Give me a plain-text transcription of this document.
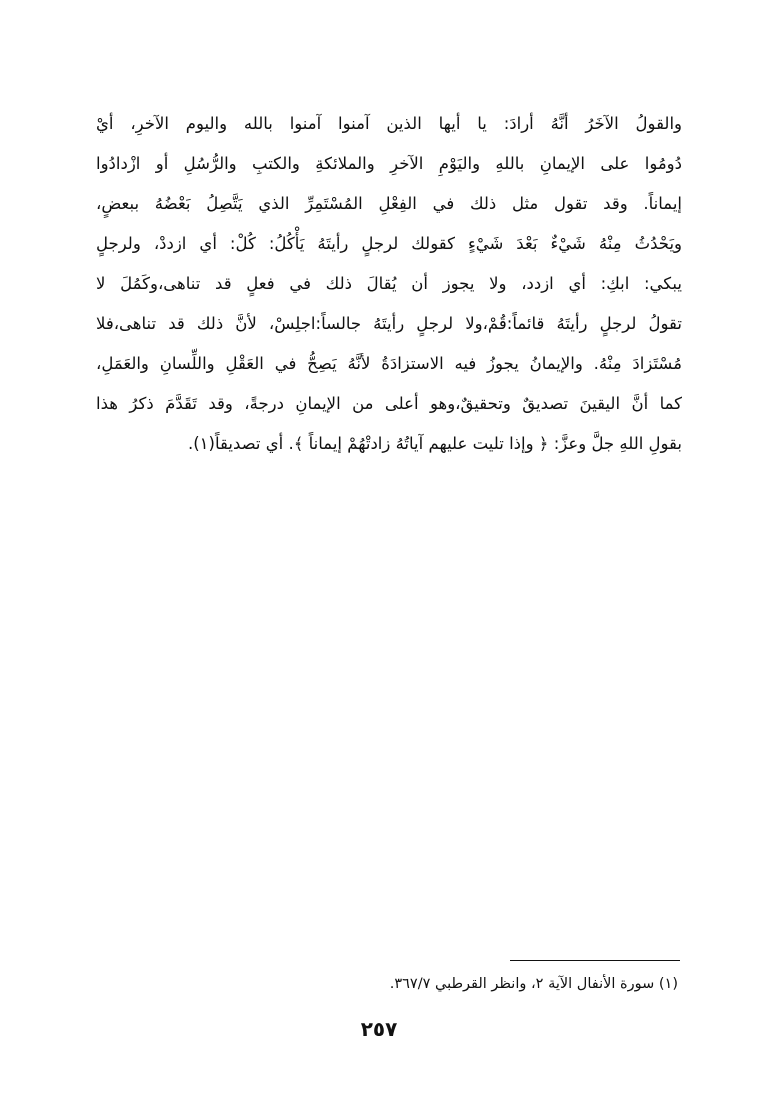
والقولُ الآخَرُ أنَّهُ أرادَ: يا أيها الذين آمنوا آمنوا بالله واليوم الآخرِ، أيْ
دُومُوا على الإيمانِ باللهِ واليَوْمِ الآخرِ والملائكةِ والكتبِ والرُّسُلِ أو ازْدادُوا
إيماناً. وقد تقول مثل ذلك في الفِعْلِ المُسْتَمِرِّ الذي يَتَّصِلُ بَعْضُهُ ببعضٍ،
ويَحْدُثُ مِنْهُ شَيْءٌ بَعْدَ شَيْءٍ كقولك لرجلٍ رأيتَهُ يَأْكُلُ: كُلْ: أي ازددْ، ولرجلٍ
يبكي: ابكِ: أي ازدد، ولا يجوز أن يُقالَ ذلك في فعلٍ قد تناهى،وكَمُلَ لا
تقولُ لرجلٍ رأيتَهُ قائماً:قُمْ،ولا لرجلٍ رأيتَهُ جالساً:اجلِسْ، لأنَّ ذلك قد تناهى،فلا
مُسْتَزادَ مِنْهُ. والإيمانُ يجوزُ فيه الاستزادَةُ لأنَّهُ يَصِحُّ في العَقْلِ واللِّسانِ والعَمَلِ،
كما أنَّ اليقينَ تصديقٌ وتحقيقٌ،وهو أعلى من الإيمانِ درجةً، وقد تَقَدَّمَ ذكرُ هذا
بقولِ اللهِ جلَّ وعزَّ: ﴿ وإذا تليت عليهم آياتُهُ زادتْهُمْ إيماناً ﴾. أي تصديقاً(١).
(١) سورة الأنفال الآية ٢، وانظر القرطبي ٣٦٧/٧.
٢٥٧
